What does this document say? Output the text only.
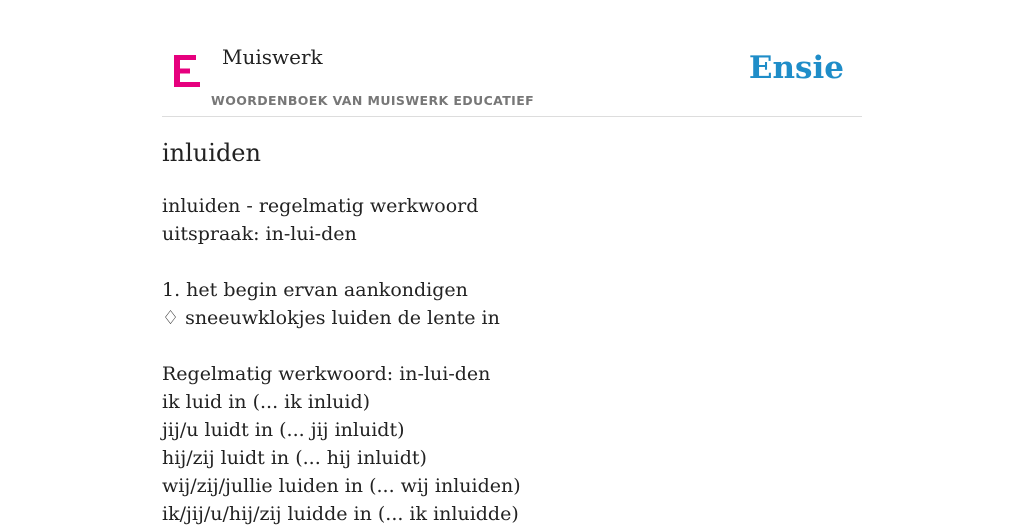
Muiswerk
WOORDENBOEK VAN MUISWERK EDUCATIEF
Ensie
inluiden
inluiden - regelmatig werkwoord
uitspraak: in-lui-den
1. het begin ervan aankondigen
♢ sneeuwklokjes luiden de lente in
Regelmatig werkwoord: in-lui-den
ik luid in (... ik inluid)
jij/u luidt in (... jij inluidt)
hij/zij luidt in (... hij inluidt)
wij/zij/jullie luiden in (... wij inluiden)
ik/jij/u/hij/zij luidde in (... ik inluidde)
